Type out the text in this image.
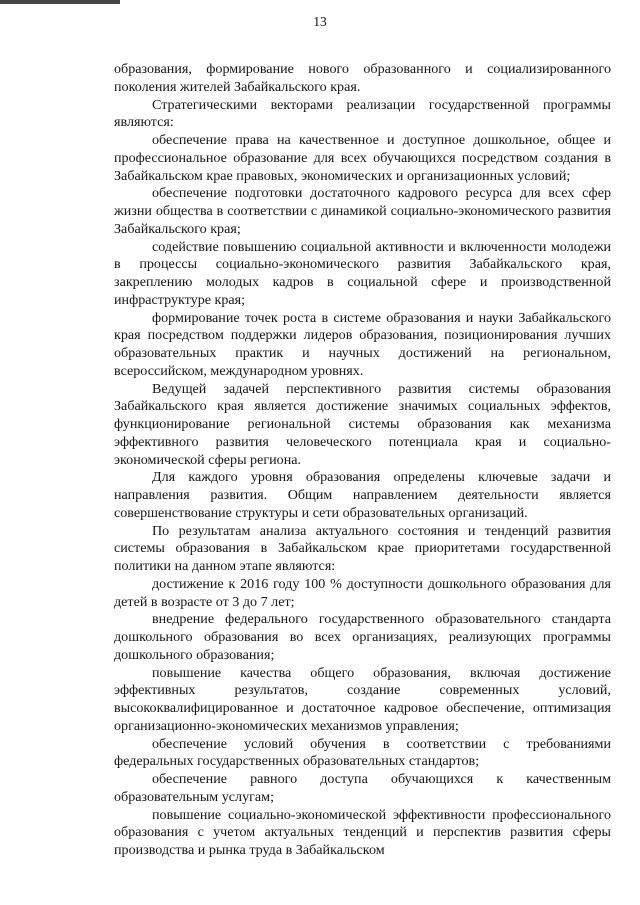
13

образования, формирование нового образованного и социализированного поколения жителей Забайкальского края.

Стратегическими векторами реализации государственной программы являются:

обеспечение права на качественное и доступное дошкольное, общее и профессиональное образование для всех обучающихся посредством создания в Забайкальском крае правовых, экономических и организационных условий;

обеспечение подготовки достаточного кадрового ресурса для всех сфер жизни общества в соответствии с динамикой социально-экономического развития Забайкальского края;

содействие повышению социальной активности и включенности молодежи в процессы социально-экономического развития Забайкальского края, закреплению молодых кадров в социальной сфере и производственной инфраструктуре края;

формирование точек роста в системе образования и науки Забайкальского края посредством поддержки лидеров образования, позиционирования лучших образовательных практик и научных достижений на региональном, всероссийском, международном уровнях.

Ведущей задачей перспективного развития системы образования Забайкальского края является достижение значимых социальных эффектов, функционирование региональной системы образования как механизма эффективного развития человеческого потенциала края и социально-экономической сферы региона.

Для каждого уровня образования определены ключевые задачи и направления развития. Общим направлением деятельности является совершенствование структуры и сети образовательных организаций.

По результатам анализа актуального состояния и тенденций развития системы образования в Забайкальском крае приоритетами государственной политики на данном этапе являются:

достижение к 2016 году 100 % доступности дошкольного образования для детей в возрасте от 3 до 7 лет;

внедрение федерального государственного образовательного стандарта дошкольного образования во всех организациях, реализующих программы дошкольного образования;

повышение качества общего образования, включая достижение эффективных результатов, создание современных условий, высококвалифицированное и достаточное кадровое обеспечение, оптимизация организационно-экономических механизмов управления;

обеспечение условий обучения в соответствии с требованиями федеральных государственных образовательных стандартов;

обеспечение равного доступа обучающихся к качественным образовательным услугам;

повышение социально-экономической эффективности профессионального образования с учетом актуальных тенденций и перспектив развития сферы производства и рынка труда в Забайкальском
